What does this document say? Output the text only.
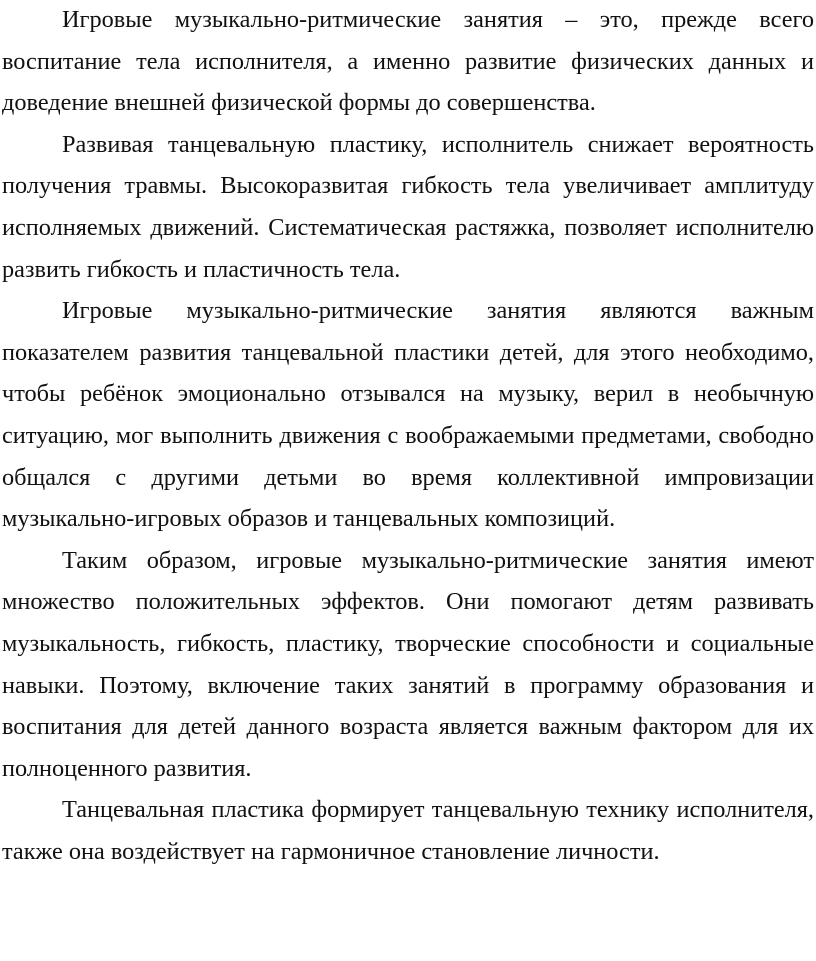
Игровые музыкально-ритмические занятия – это, прежде всего воспитание тела исполнителя, а именно развитие физических данных и доведение внешней физической формы до совершенства.

Развивая танцевальную пластику, исполнитель снижает вероятность получения травмы. Высокоразвитая гибкость тела увеличивает амплитуду исполняемых движений. Систематическая растяжка, позволяет исполнителю развить гибкость и пластичность тела.

Игровые музыкально-ритмические занятия являются важным показателем развития танцевальной пластики детей, для этого необходимо, чтобы ребёнок эмоционально отзывался на музыку, верил в необычную ситуацию, мог выполнить движения с воображаемыми предметами, свободно общался с другими детьми во время коллективной импровизации музыкально-игровых образов и танцевальных композиций.

Таким образом, игровые музыкально-ритмические занятия имеют множество положительных эффектов. Они помогают детям развивать музыкальность, гибкость, пластику, творческие способности и социальные навыки. Поэтому, включение таких занятий в программу образования и воспитания для детей данного возраста является важным фактором для их полноценного развития.

Танцевальная пластика формирует танцевальную технику исполнителя, также она воздействует на гармоничное становление личности.
